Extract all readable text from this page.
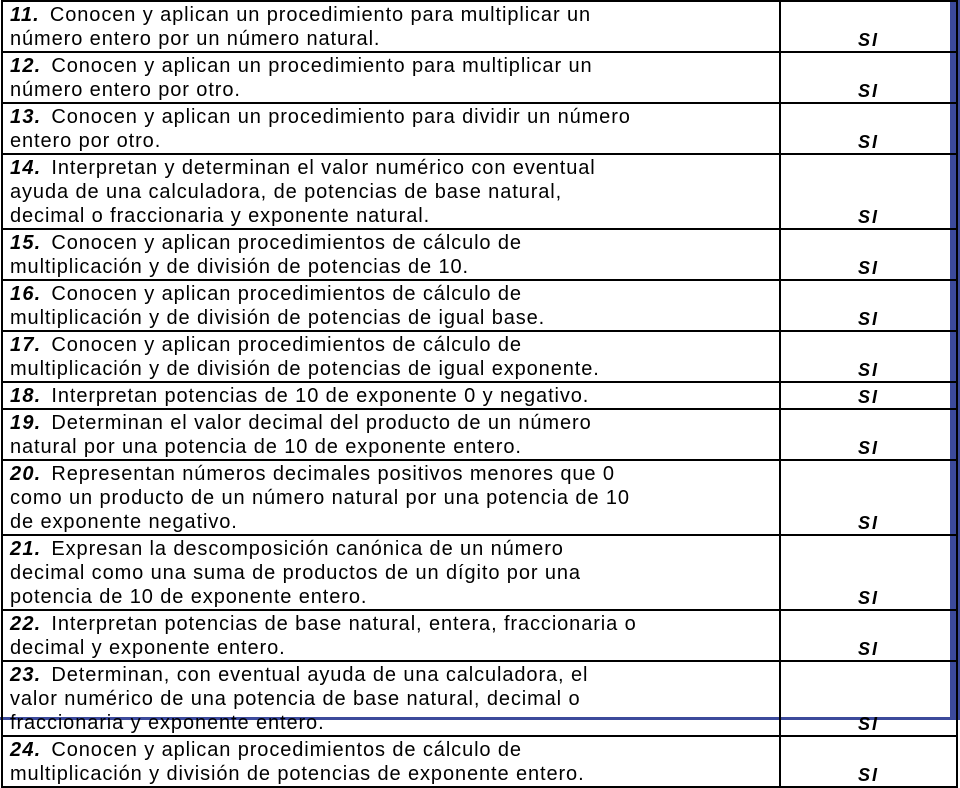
11. Conocen y aplican un procedimiento para multiplicar un
número entero por un número natural.	SI

12. Conocen y aplican un procedimiento para multiplicar un
número entero por otro.	SI

13. Conocen y aplican un procedimiento para dividir un número
entero por otro.	SI

14. Interpretan y determinan el valor numérico con eventual
ayuda de una calculadora, de potencias de base natural,
decimal o fraccionaria y exponente natural.	SI

15. Conocen y aplican procedimientos de cálculo de
multiplicación y de división de potencias de 10.	SI

16. Conocen y aplican procedimientos de cálculo de
multiplicación y de división de potencias de igual base.	SI

17. Conocen y aplican procedimientos de cálculo de
multiplicación y de división de potencias de igual exponente.	SI

18. Interpretan potencias de 10 de exponente 0 y negativo.	SI

19. Determinan el valor decimal del producto de un número
natural por una potencia de 10 de exponente entero.	SI

20. Representan números decimales positivos menores que 0
como un producto de un número natural por una potencia de 10
de exponente negativo.	SI

21. Expresan la descomposición canónica de un número
decimal como una suma de productos de un dígito por una
potencia de 10 de exponente entero.	SI

22. Interpretan potencias de base natural, entera, fraccionaria o
decimal y exponente entero.	SI

23. Determinan, con eventual ayuda de una calculadora, el
valor numérico de una potencia de base natural, decimal o
fraccionaria y exponente entero.	SI

24. Conocen y aplican procedimientos de cálculo de
multiplicación y división de potencias de exponente entero.	SI
